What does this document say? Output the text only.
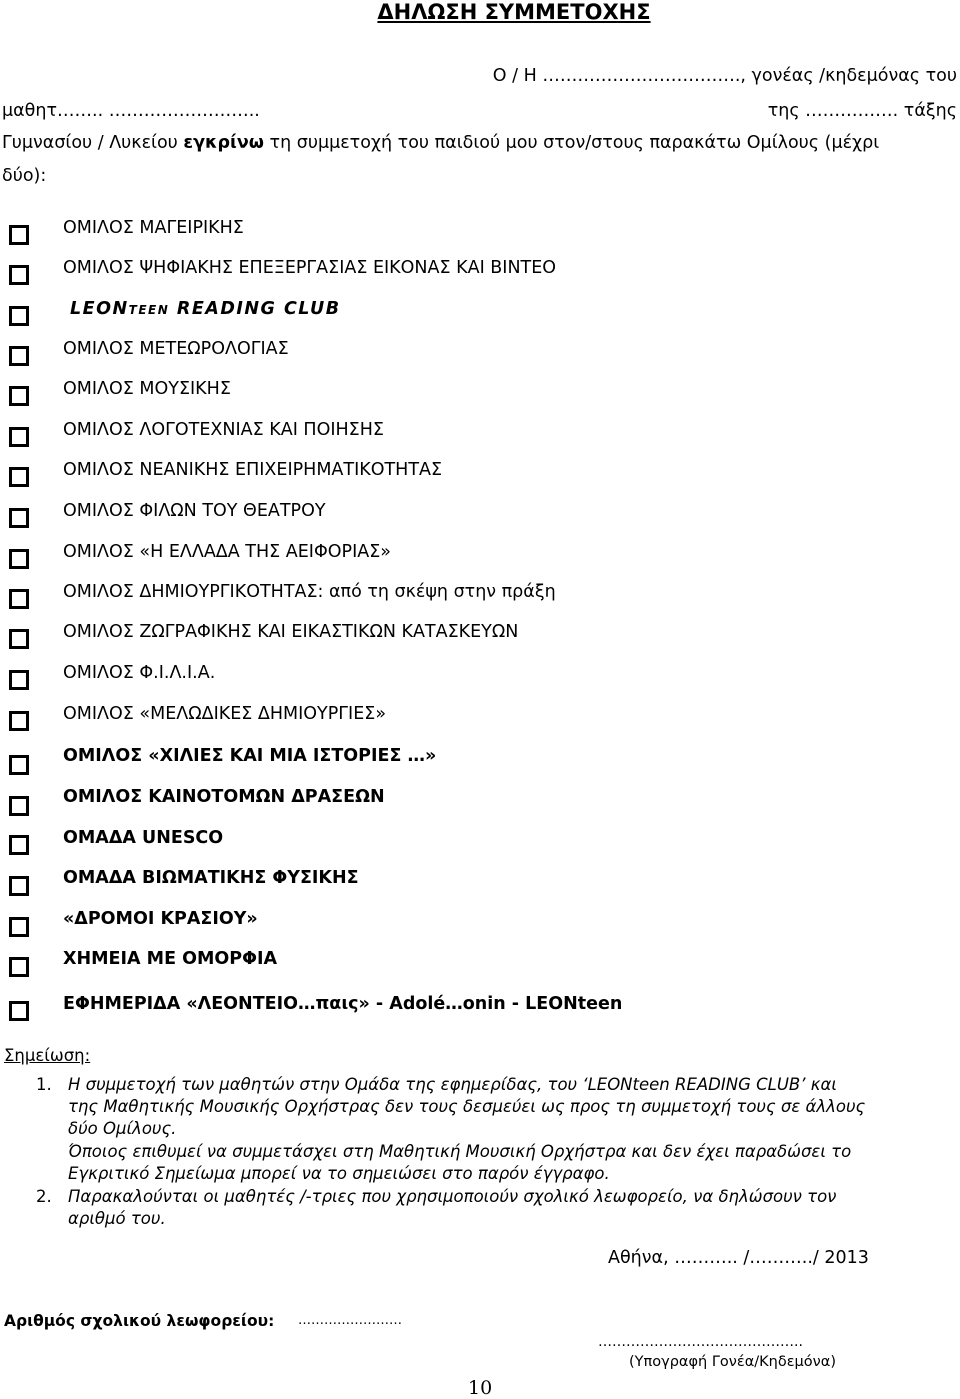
ΔΗΛΩΣΗ ΣΥΜΜΕΤΟΧΗΣ
Ο / Η ……………………………., γονέας /κηδεμόνας του
μαθητ…….. ……………………..	της ……………. τάξης
Γυμνασίου / Λυκείου εγκρίνω τη συμμετοχή του παιδιού μου στον/στους παρακάτω Ομίλους (μέχρι
δύο):
ΟΜΙΛΟΣ ΜΑΓΕΙΡΙΚΗΣ
ΟΜΙΛΟΣ ΨΗΦΙΑΚΗΣ ΕΠΕΞΕΡΓΑΣΙΑΣ ΕΙΚΟΝΑΣ ΚΑΙ ΒΙΝΤΕΟ
LEONteen READING CLUB
ΟΜΙΛΟΣ ΜΕΤΕΩΡΟΛΟΓΙΑΣ
ΟΜΙΛΟΣ ΜΟΥΣΙΚΗΣ
ΟΜΙΛΟΣ ΛΟΓΟΤΕΧΝΙΑΣ ΚΑΙ ΠΟΙΗΣΗΣ
ΟΜΙΛΟΣ ΝΕΑΝΙΚΗΣ ΕΠΙΧΕΙΡΗΜΑΤΙΚΟΤΗΤΑΣ
ΟΜΙΛΟΣ ΦΙΛΩΝ ΤΟΥ ΘΕΑΤΡΟΥ
ΟΜΙΛΟΣ «Η ΕΛΛΑΔΑ ΤΗΣ ΑΕΙΦΟΡΙΑΣ»
ΟΜΙΛΟΣ ΔΗΜΙΟΥΡΓΙΚΟΤΗΤΑΣ: από τη σκέψη στην πράξη
ΟΜΙΛΟΣ ΖΩΓΡΑΦΙΚΗΣ ΚΑΙ ΕΙΚΑΣΤΙΚΩΝ ΚΑΤΑΣΚΕΥΩΝ
ΟΜΙΛΟΣ Φ.Ι.Λ.Ι.Α.
ΟΜΙΛΟΣ «ΜΕΛΩΔΙΚΕΣ ΔΗΜΙΟΥΡΓΙΕΣ»
ΟΜΙΛΟΣ «ΧΙΛΙΕΣ ΚΑΙ ΜΙΑ ΙΣΤΟΡΙΕΣ …»
ΟΜΙΛΟΣ ΚΑΙΝΟΤΟΜΩΝ ΔΡΑΣΕΩΝ
ΟΜΑΔΑ UNESCO
ΟΜΑΔΑ ΒΙΩΜΑΤΙΚΗΣ ΦΥΣΙΚΗΣ
«ΔΡΟΜΟΙ ΚΡΑΣΙΟΥ»
ΧΗΜΕΙΑ ΜΕ ΟΜΟΡΦΙΑ
ΕΦΗΜΕΡΙΔΑ «ΛΕΟΝΤΕΙΟ…παις» - Adolé…onin - LEONteen
Σημείωση:
1. Η συμμετοχή των μαθητών στην Ομάδα της εφημερίδας, του ‘LEONteen READING CLUB’ και
της Μαθητικής Μουσικής Ορχήστρας δεν τους δεσμεύει ως προς τη συμμετοχή τους σε άλλους
δύο Ομίλους.
Όποιος επιθυμεί να συμμετάσχει στη Μαθητική Μουσική Ορχήστρα και δεν έχει παραδώσει το
Εγκριτικό Σημείωμα μπορεί να το σημειώσει στο παρόν έγγραφο.
2. Παρακαλούνται οι μαθητές /-τριες που χρησιμοποιούν σχολικό λεωφορείο, να δηλώσουν τον
αριθμό του.
Αθήνα, ……….. /………../ 2013
Αριθμός σχολικού λεωφορείου: ……………………
……………………………………..
(Υπογραφή Γονέα/Κηδεμόνα)
10
